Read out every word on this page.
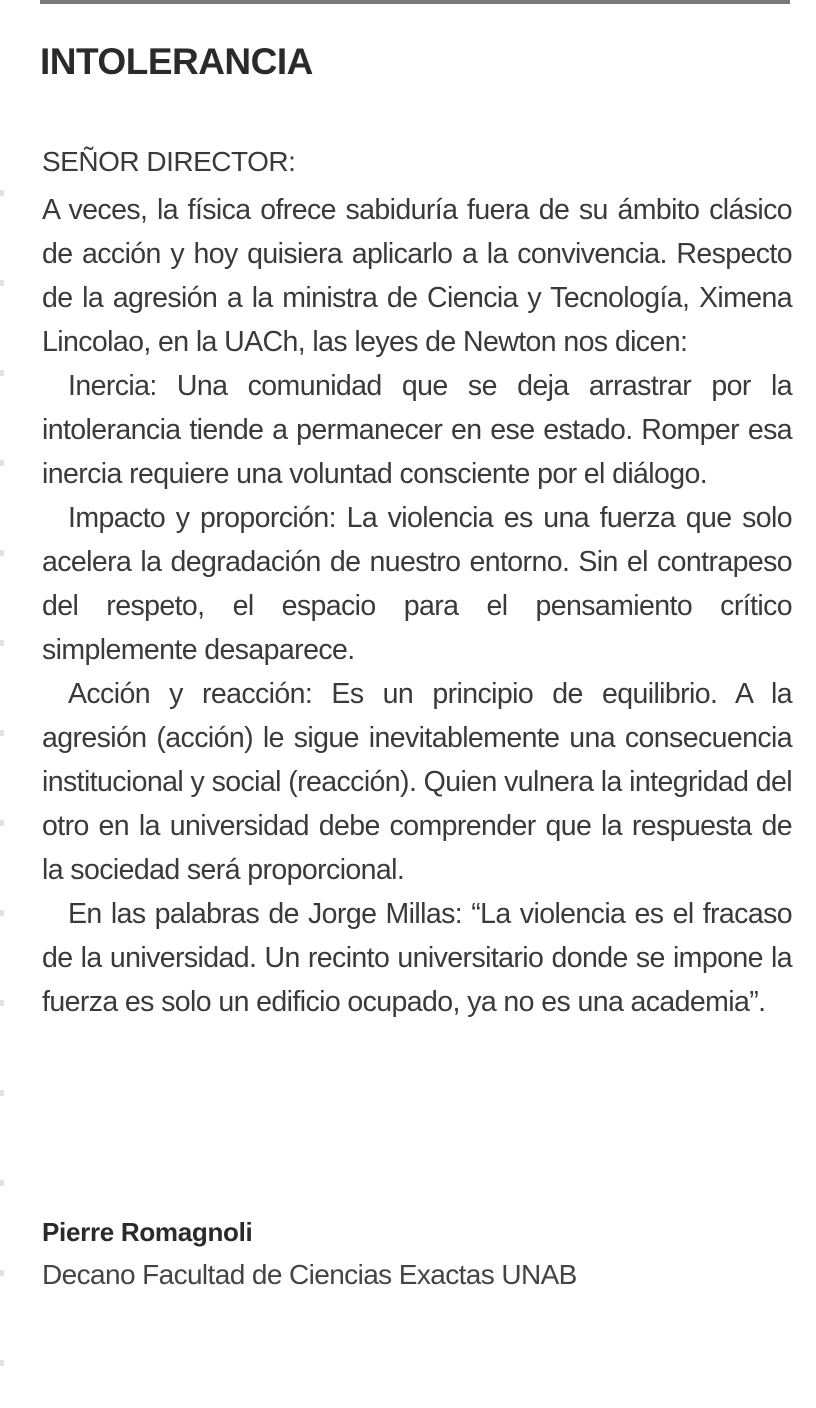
INTOLERANCIA

SEÑOR DIRECTOR:

A veces, la física ofrece sabiduría fuera de su ámbito clásico de acción y hoy quisiera aplicarlo a la convivencia. Respecto de la agresión a la ministra de Ciencia y Tecnología, Ximena Lincolao, en la UACh, las leyes de Newton nos dicen:

Inercia: Una comunidad que se deja arrastrar por la intolerancia tiende a permanecer en ese estado. Romper esa inercia requiere una voluntad consciente por el diálogo.

Impacto y proporción: La violencia es una fuerza que solo acelera la degradación de nuestro entorno. Sin el contrapeso del respeto, el espacio para el pensamiento crítico simplemente desaparece.

Acción y reacción: Es un principio de equilibrio. A la agresión (acción) le sigue inevitablemente una consecuencia institucional y social (reacción). Quien vulnera la integridad del otro en la universidad debe comprender que la respuesta de la sociedad será proporcional.

En las palabras de Jorge Millas: “La violencia es el fracaso de la universidad. Un recinto universitario donde se impone la fuerza es solo un edificio ocupado, ya no es una academia”.

Pierre Romagnoli

Decano Facultad de Ciencias Exactas UNAB
